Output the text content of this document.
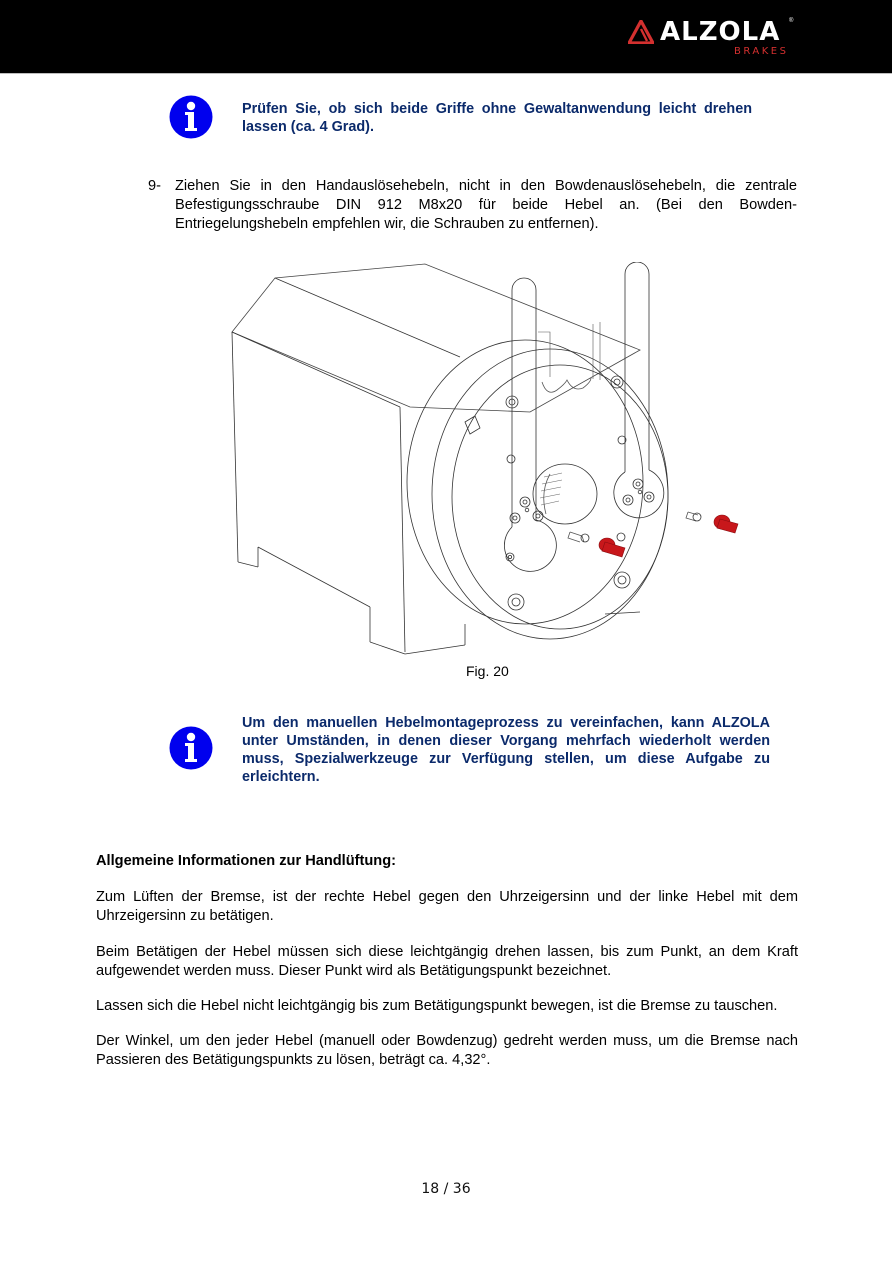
ALZOLA ®
BRAKES
Prüfen Sie, ob sich beide Griffe ohne Gewaltanwendung leicht drehen lassen (ca. 4 Grad).
9- Ziehen Sie in den Handauslösehebeln, nicht in den Bowdenauslösehebeln, die zentrale Befestigungsschraube DIN 912 M8x20 für beide Hebel an. (Bei den Bowden-Entriegelungshebeln empfehlen wir, die Schrauben zu entfernen).
Fig. 20
Um den manuellen Hebelmontageprozess zu vereinfachen, kann ALZOLA unter Umständen, in denen dieser Vorgang mehrfach wiederholt werden muss, Spezialwerkzeuge zur Verfügung stellen, um diese Aufgabe zu erleichtern.
Allgemeine Informationen zur Handlüftung:
Zum Lüften der Bremse, ist der rechte Hebel gegen den Uhrzeigersinn und der linke Hebel mit dem Uhrzeigersinn zu betätigen.
Beim Betätigen der Hebel müssen sich diese leichtgängig drehen lassen, bis zum Punkt, an dem Kraft aufgewendet werden muss. Dieser Punkt wird als Betätigungspunkt bezeichnet.
Lassen sich die Hebel nicht leichtgängig bis zum Betätigungspunkt bewegen, ist die Bremse zu tauschen.
Der Winkel, um den jeder Hebel (manuell oder Bowdenzug) gedreht werden muss, um die Bremse nach Passieren des Betätigungspunkts zu lösen, beträgt ca. 4,32°.
18 / 36
